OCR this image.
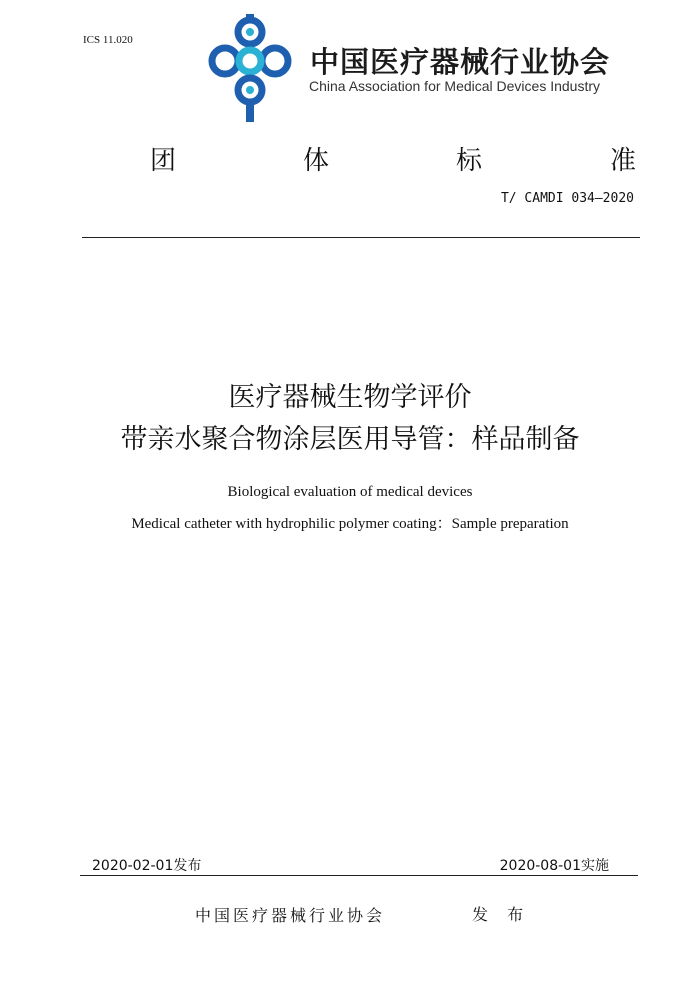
ICS 11.020
中国医疗器械行业协会
China Association for Medical Devices Industry
团	体	标	准
T/ CAMDI 034—2020
医疗器械生物学评价
带亲水聚合物涂层医用导管：样品制备
Biological evaluation of medical devices
Medical catheter with hydrophilic polymer coating：Sample preparation
2020-02-01发布	2020-08-01实施
中国医疗器械行业协会	发 布
